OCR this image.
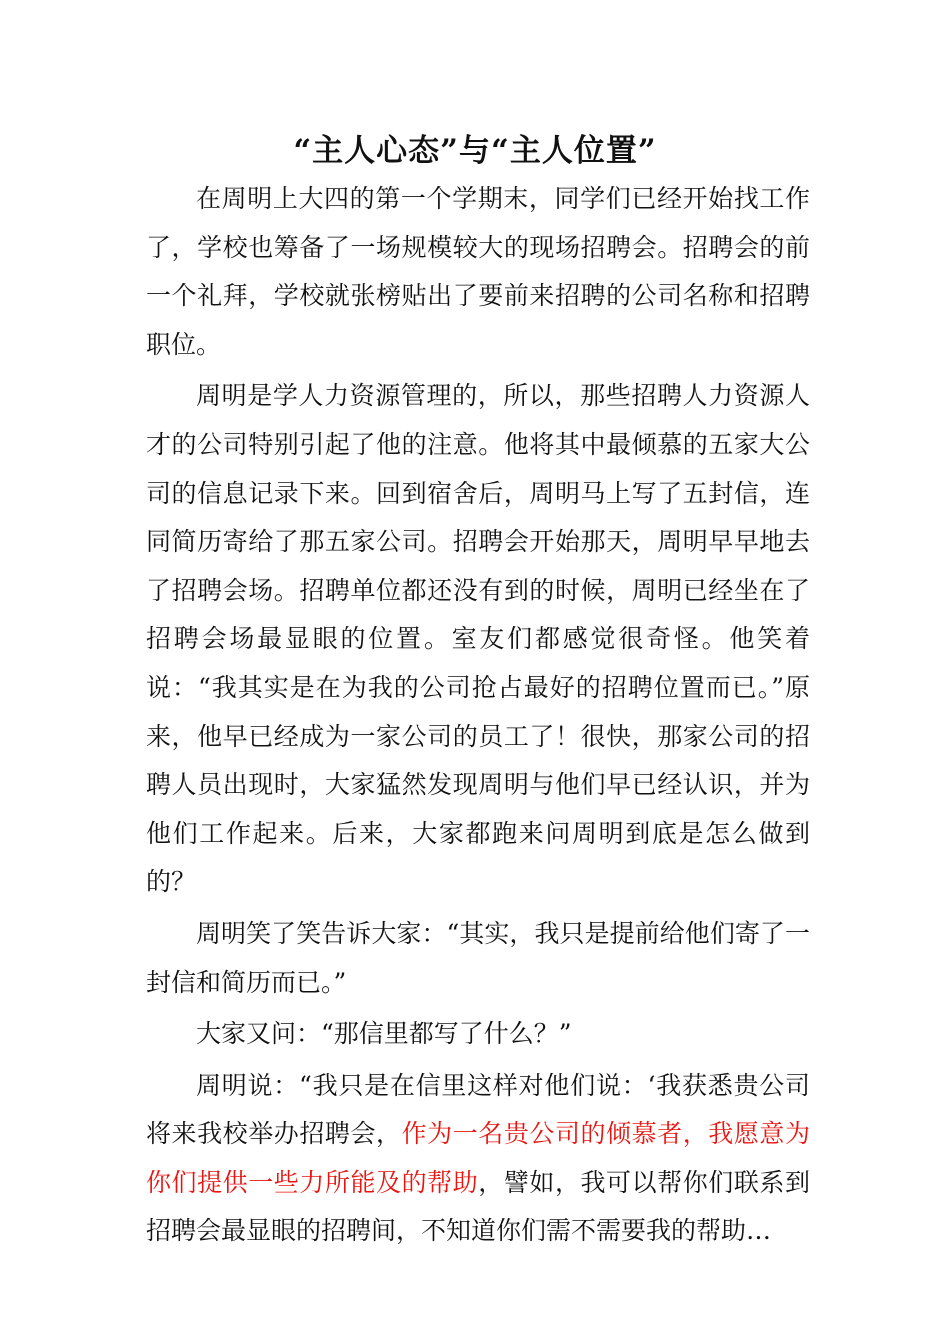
“主人心态”与“主人位置”

在周明上大四的第一个学期末，同学们已经开始找工作了，学校也筹备了一场规模较大的现场招聘会。招聘会的前一个礼拜，学校就张榜贴出了要前来招聘的公司名称和招聘职位。

周明是学人力资源管理的，所以，那些招聘人力资源人才的公司特别引起了他的注意。他将其中最倾慕的五家大公司的信息记录下来。回到宿舍后，周明马上写了五封信，连同简历寄给了那五家公司。招聘会开始那天，周明早早地去了招聘会场。招聘单位都还没有到的时候，周明已经坐在了招聘会场最显眼的位置。室友们都感觉很奇怪。他笑着说：“我其实是在为我的公司抢占最好的招聘位置而已。”原来，他早已经成为一家公司的员工了！很快，那家公司的招聘人员出现时，大家猛然发现周明与他们早已经认识，并为他们工作起来。后来，大家都跑来问周明到底是怎么做到的？

周明笑了笑告诉大家：“其实，我只是提前给他们寄了一封信和简历而已。”

大家又问：“那信里都写了什么？”

周明说：“我只是在信里这样对他们说：‘我获悉贵公司将来我校举办招聘会，作为一名贵公司的倾慕者，我愿意为你们提供一些力所能及的帮助，譬如，我可以帮你们联系到招聘会最显眼的招聘间，不知道你们需不需要我的帮助…
